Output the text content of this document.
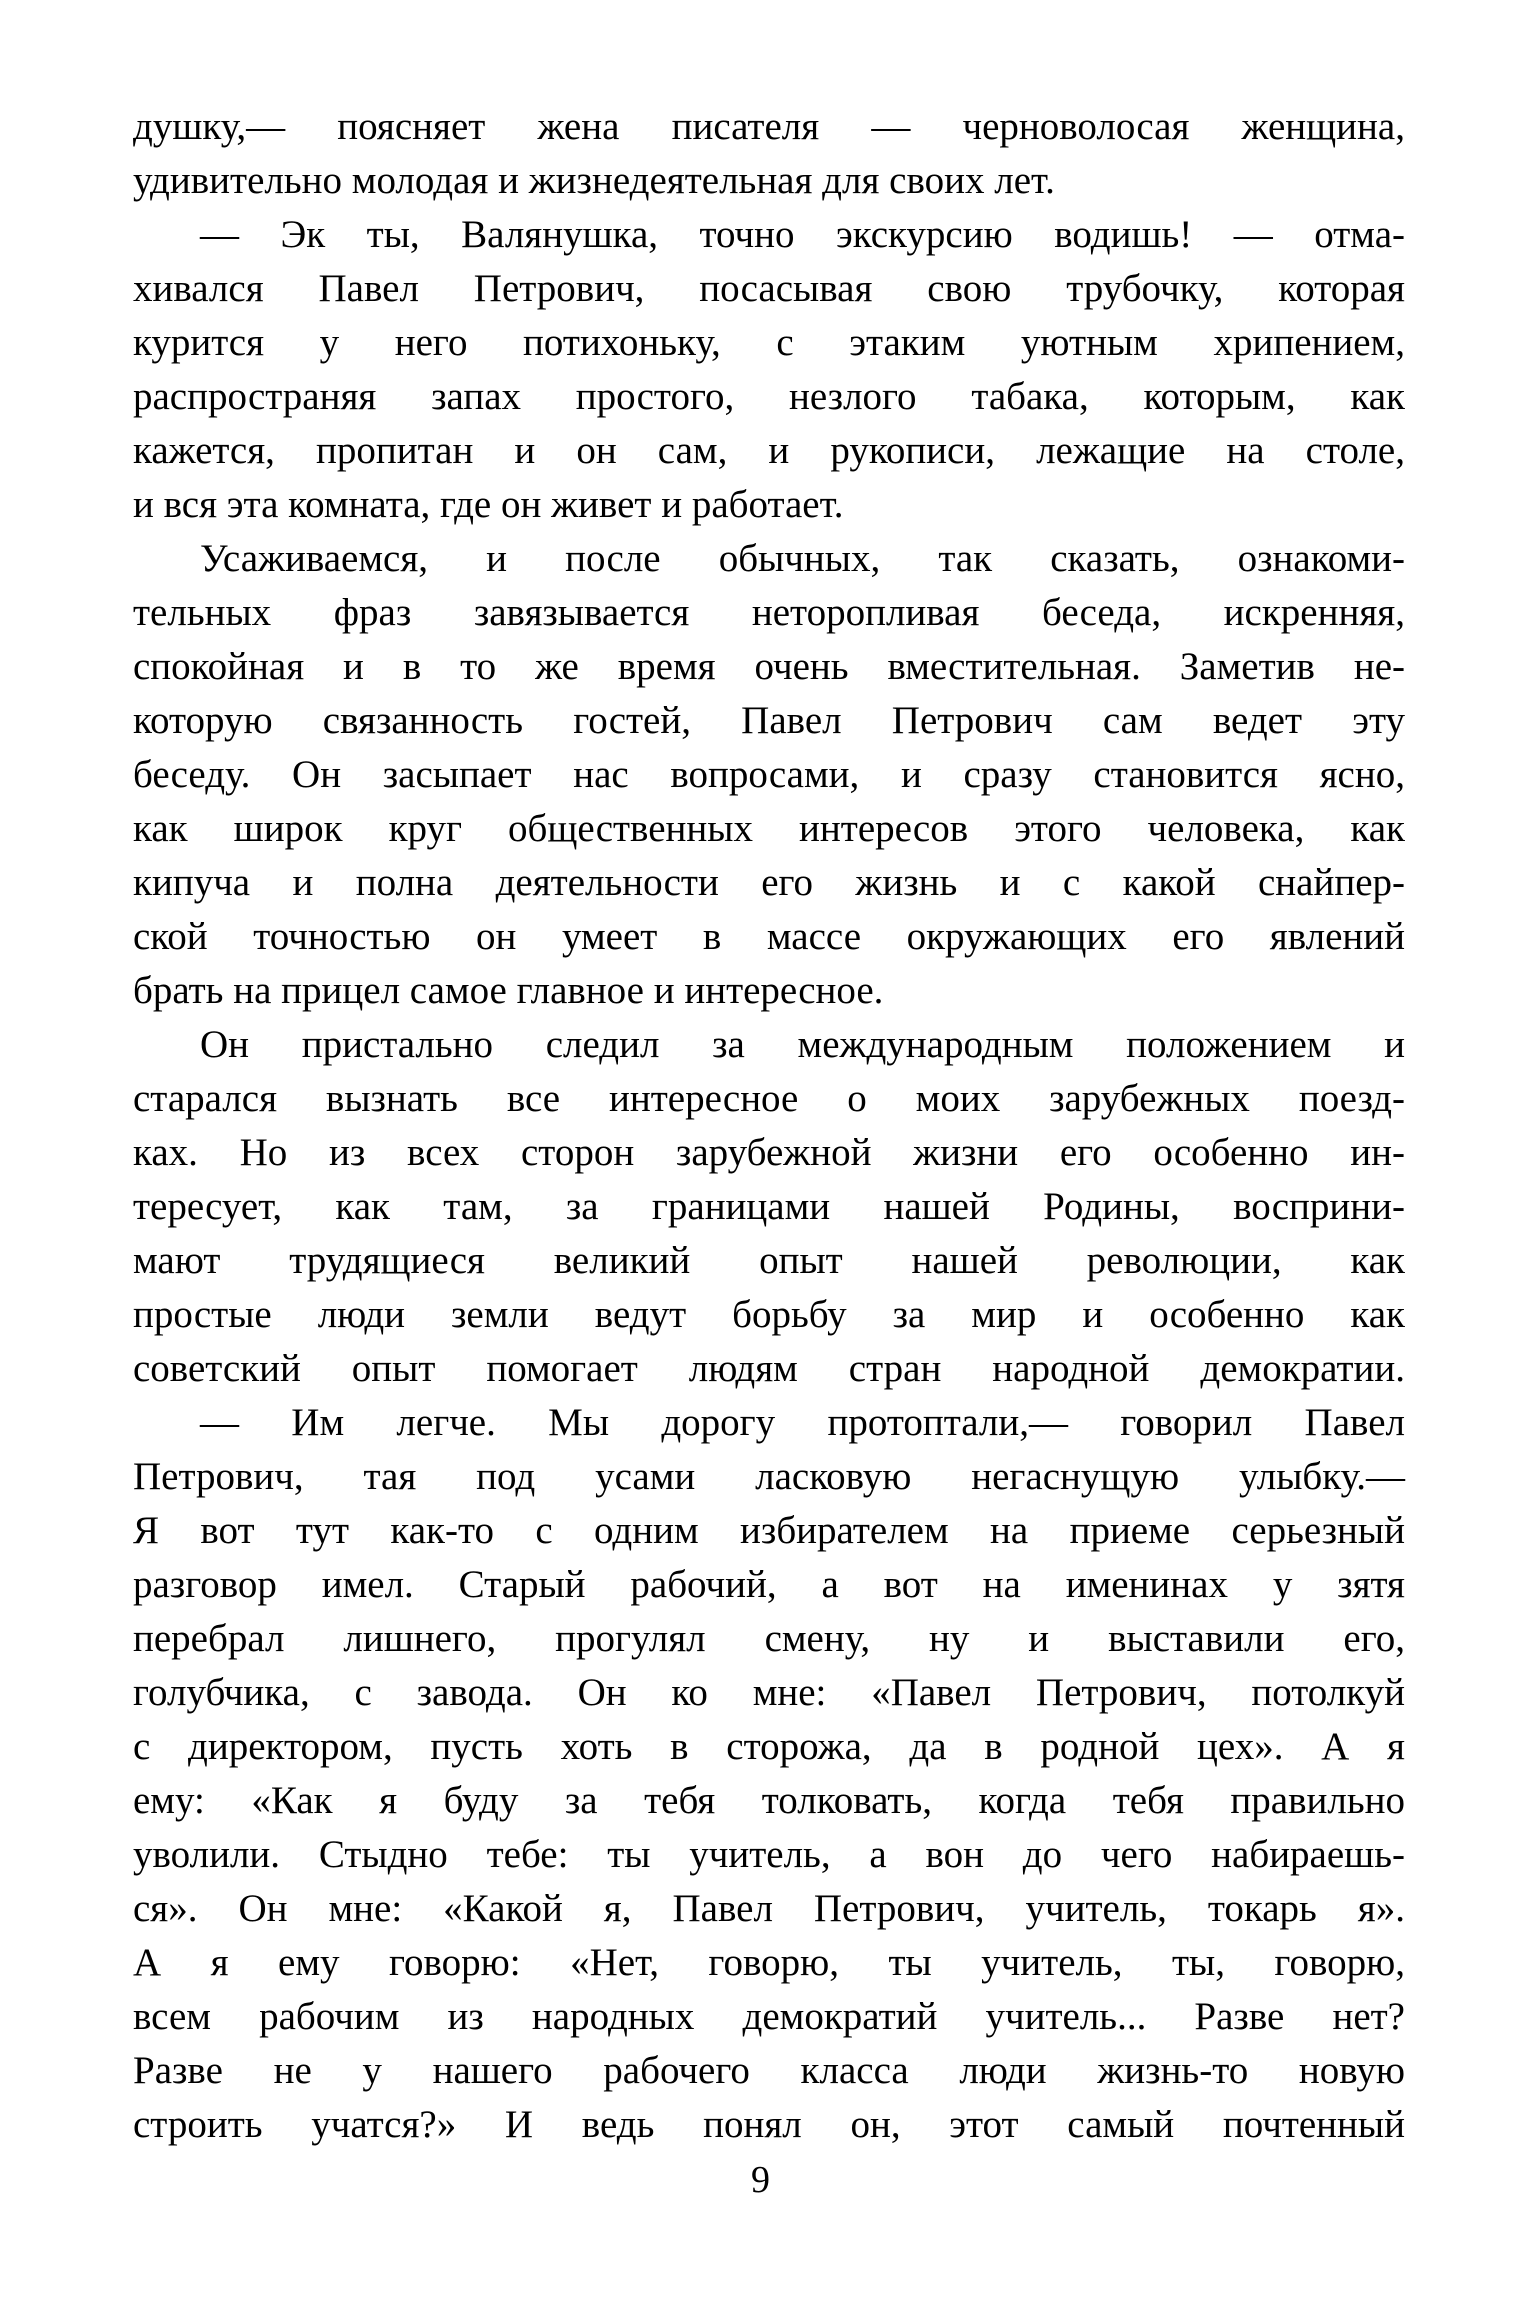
душку,— поясняет жена писателя — черноволосая женщина,
удивительно молодая и жизнедеятельная для своих лет.
— Эк ты, Валянушка, точно экскурсию водишь! — отма-
хивался Павел Петрович, посасывая свою трубочку, которая
курится у него потихоньку, с этаким уютным хрипением,
распространяя запах простого, незлого табака, которым, как
кажется, пропитан и он сам, и рукописи, лежащие на столе,
и вся эта комната, где он живет и работает.
Усаживаемся, и после обычных, так сказать, ознакоми-
тельных фраз завязывается неторопливая беседа, искренняя,
спокойная и в то же время очень вместительная. Заметив не-
которую связанность гостей, Павел Петрович сам ведет эту
беседу. Он засыпает нас вопросами, и сразу становится ясно,
как широк круг общественных интересов этого человека, как
кипуча и полна деятельности его жизнь и с какой снайпер-
ской точностью он умеет в массе окружающих его явлений
брать на прицел самое главное и интересное.
Он пристально следил за международным положением и
старался вызнать все интересное о моих зарубежных поезд-
ках. Но из всех сторон зарубежной жизни его особенно ин-
тересует, как там, за границами нашей Родины, восприни-
мают трудящиеся великий опыт нашей революции, как
простые люди земли ведут борьбу за мир и особенно как
советский опыт помогает людям стран народной демократии.
— Им легче. Мы дорогу протоптали,— говорил Павел
Петрович, тая под усами ласковую негаснущую улыбку.—
Я вот тут как-то с одним избирателем на приеме серьезный
разговор имел. Старый рабочий, а вот на именинах у зятя
перебрал лишнего, прогулял смену, ну и выставили его,
голубчика, с завода. Он ко мне: «Павел Петрович, потолкуй
с директором, пусть хоть в сторожа, да в родной цех». А я
ему: «Как я буду за тебя толковать, когда тебя правильно
уволили. Стыдно тебе: ты учитель, а вон до чего набираешь-
ся». Он мне: «Какой я, Павел Петрович, учитель, токарь я».
А я ему говорю: «Нет, говорю, ты учитель, ты, говорю,
всем рабочим из народных демократий учитель... Разве нет?
Разве не у нашего рабочего класса люди жизнь-то новую
строить учатся?» И ведь понял он, этот самый почтенный
9
